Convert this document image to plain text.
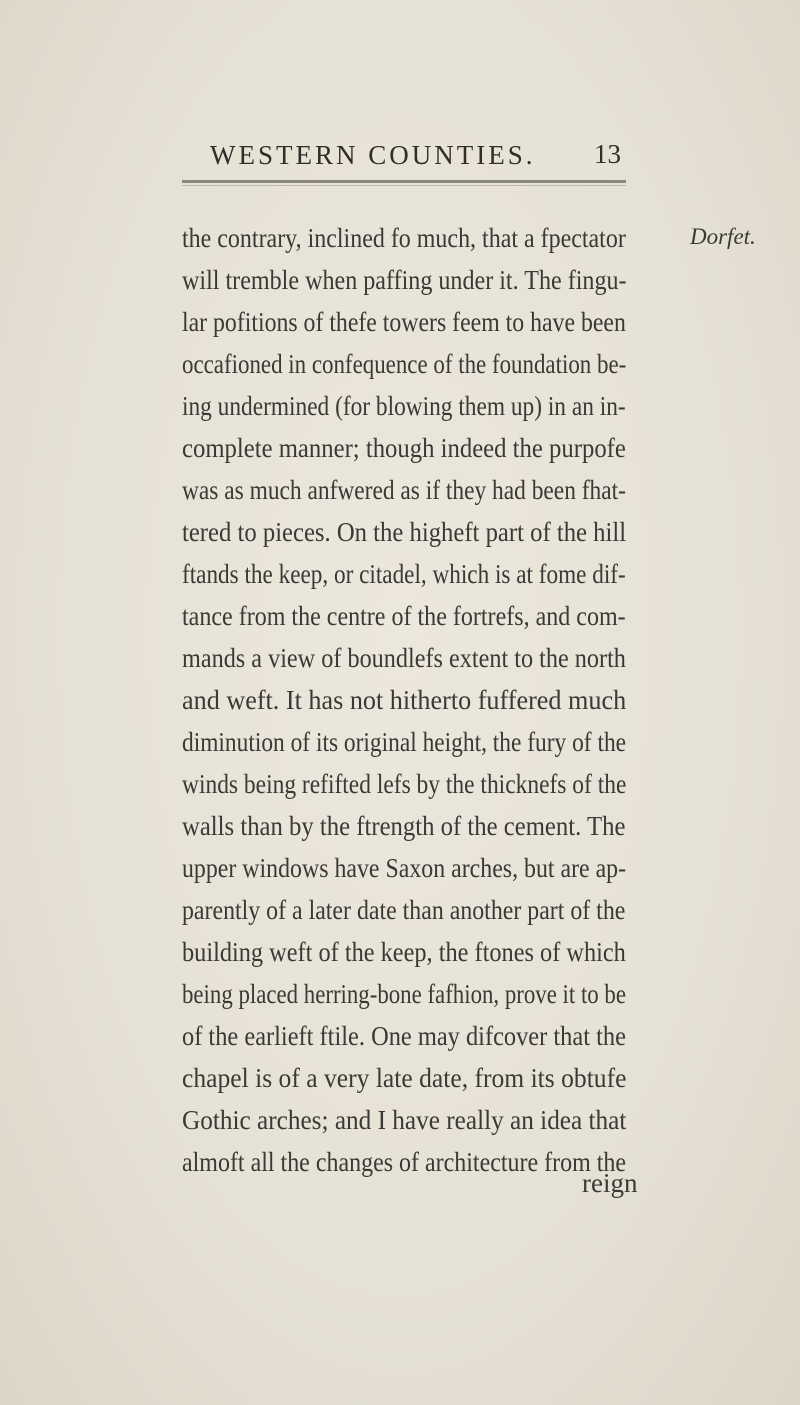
WESTERN COUNTIES. 13
Dorfet.
the contrary, inclined fo much, that a fpectator
will tremble when paffing under it. The fingu-
lar pofitions of thefe towers feem to have been
occafioned in confequence of the foundation be-
ing undermined (for blowing them up) in an in-
complete manner; though indeed the purpofe
was as much anfwered as if they had been fhat-
tered to pieces. On the higheft part of the hill
ftands the keep, or citadel, which is at fome dif-
tance from the centre of the fortrefs, and com-
mands a view of boundlefs extent to the north
and weft. It has not hitherto fuffered much
diminution of its original height, the fury of the
winds being refifted lefs by the thicknefs of the
walls than by the ftrength of the cement. The
upper windows have Saxon arches, but are ap-
parently of a later date than another part of the
building weft of the keep, the ftones of which
being placed herring-bone fafhion, prove it to be
of the earlieft ftile. One may difcover that the
chapel is of a very late date, from its obtufe
Gothic arches; and I have really an idea that
almoft all the changes of architecture from the
reign
